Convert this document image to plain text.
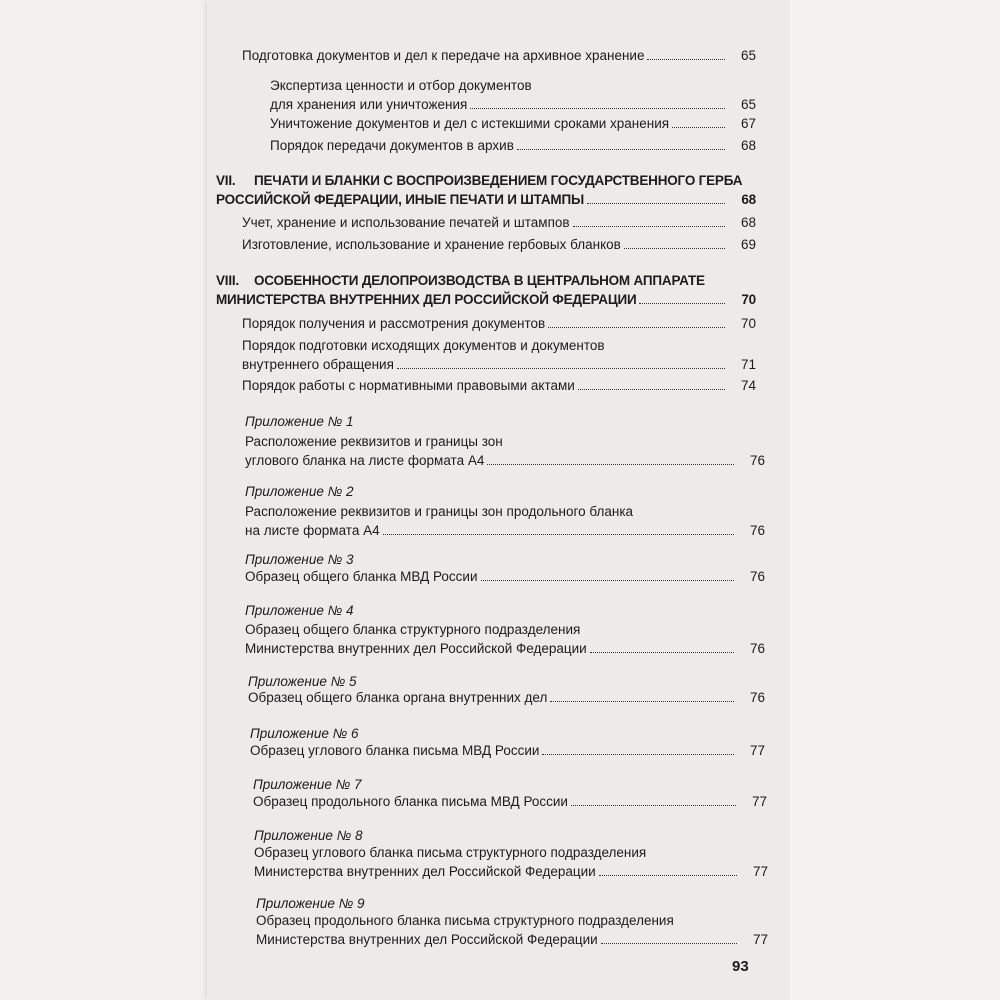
Подготовка документов и дел к передаче на архивное хранение	65
Экспертиза ценности и отбор документов
для хранения или уничтожения	65
Уничтожение документов и дел с истекшими сроками хранения	67
Порядок передачи документов в архив	68
VII.	ПЕЧАТИ И БЛАНКИ С ВОСПРОИЗВЕДЕНИЕМ ГОСУДАРСТВЕННОГО ГЕРБА
РОССИЙСКОЙ ФЕДЕРАЦИИ, ИНЫЕ ПЕЧАТИ И ШТАМПЫ	68
Учет, хранение и использование печатей и штампов	68
Изготовление, использование и хранение гербовых бланков	69
VIII.	ОСОБЕННОСТИ ДЕЛОПРОИЗВОДСТВА В ЦЕНТРАЛЬНОМ АППАРАТЕ
МИНИСТЕРСТВА ВНУТРЕННИХ ДЕЛ РОССИЙСКОЙ ФЕДЕРАЦИИ	70
Порядок получения и рассмотрения документов	70
Порядок подготовки исходящих документов и документов
внутреннего обращения	71
Порядок работы с нормативными правовыми актами	74
Приложение № 1
Расположение реквизитов и границы зон
углового бланка на листе формата А4	76
Приложение № 2
Расположение реквизитов и границы зон продольного бланка
на листе формата А4	76
Приложение № 3
Образец общего бланка МВД России	76
Приложение № 4
Образец общего бланка структурного подразделения
Министерства внутренних дел Российской Федерации	76
Приложение № 5
Образец общего бланка органа внутренних дел	76
Приложение № 6
Образец углового бланка письма МВД России	77
Приложение № 7
Образец продольного бланка письма МВД России	77
Приложение № 8
Образец углового бланка письма структурного подразделения
Министерства внутренних дел Российской Федерации	77
Приложение № 9
Образец продольного бланка письма структурного подразделения
Министерства внутренних дел Российской Федерации	77
93
